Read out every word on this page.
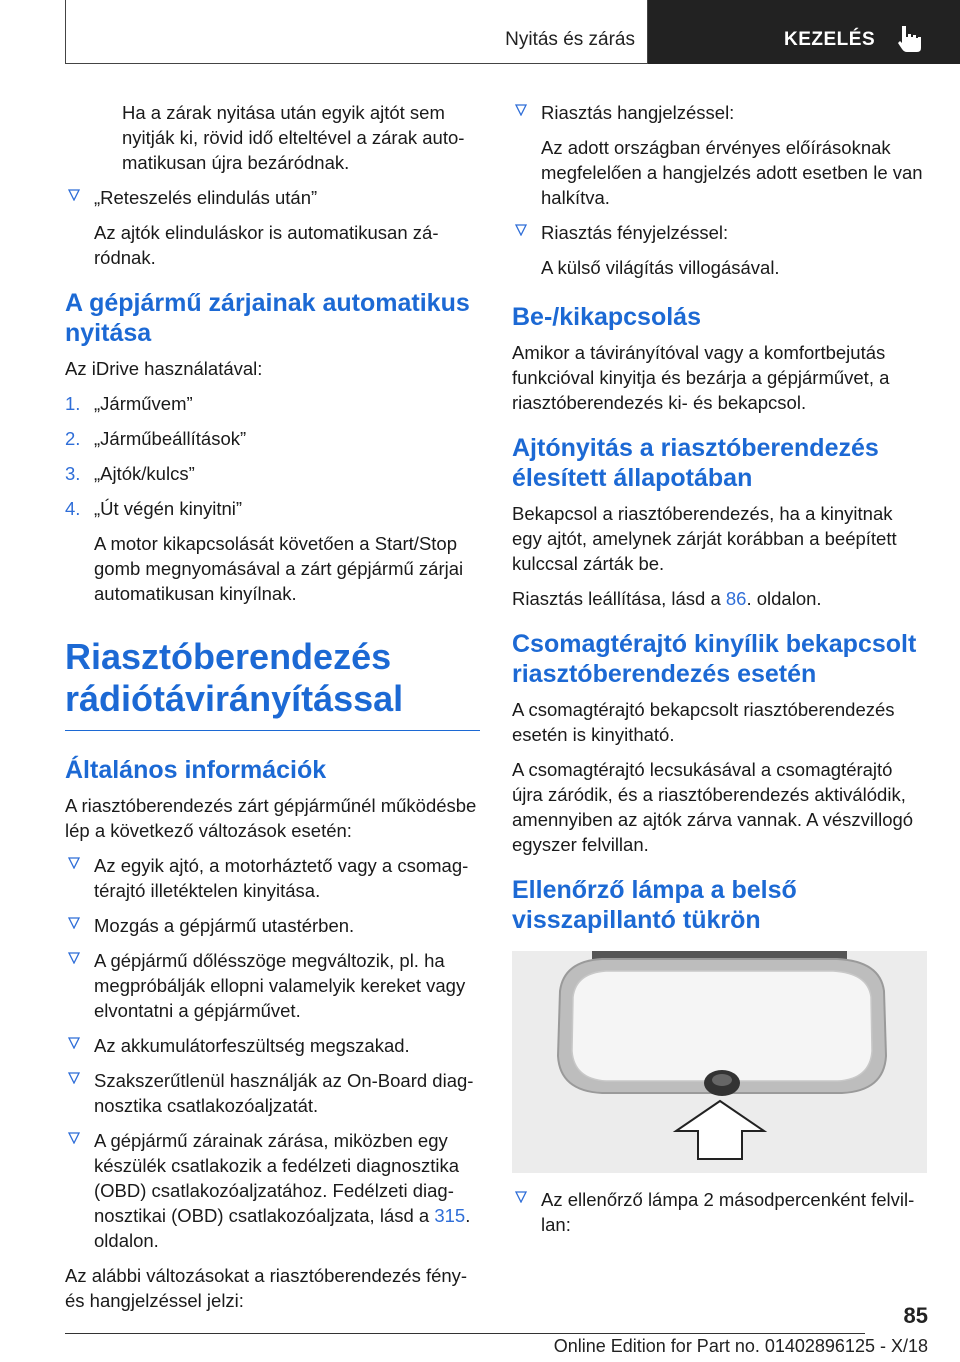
Nyitás és zárás	KEZELÉS

Ha a zárak nyitása után egyik ajtót sem nyitják ki, rövid idő elteltével a zárak automatikusan újra bezáródnak.

„Reteszelés elindulás után”
Az ajtók elinduláskor is automatikusan záródnak.
A gépjármű zárjainak automatikus nyitása

Az iDrive használatával:

1. „Járművem”
2. „Járműbeállítások”
3. „Ajtók/kulcs”
4. „Út végén kinyitni”
A motor kikapcsolását követően a Start/Stop gomb megnyomásával a zárt gépjármű zárjai automatikusan kinyílnak.
Riasztóberendezés rádiótávirányítással
Általános információk

A riasztóberendezés zárt gépjárműnél működésbe lép a következő változások esetén:

Az egyik ajtó, a motorháztető vagy a csomagtérajtó illetéktelen kinyitása.
Mozgás a gépjármű utastérben.
A gépjármű dőlésszöge megváltozik, pl. ha megpróbálják ellopni valamelyik kereket vagy elvontatni a gépjárművet.
Az akkumulátorfeszültség megszakad.
Szakszerűtlenül használják az On-Board diagnosztika csatlakozóaljzatát.
A gépjármű zárainak zárása, miközben egy készülék csatlakozik a fedélzeti diagnosztika (OBD) csatlakozóaljzatához. Fedélzeti diagnosztikai (OBD) csatlakozóaljzata, lásd a 315. oldalon.

Az alábbi változásokat a riasztóberendezés fény- és hangjelzéssel jelzi:

Riasztás hangjelzéssel:
Az adott országban érvényes előírásoknak megfelelően a hangjelzés adott esetben le van halkítva.
Riasztás fényjelzéssel:
A külső világítás villogásával.
Be-/kikapcsolás

Amikor a távirányítóval vagy a komfortbejutás funkcióval kinyitja és bezárja a gépjárművet, a riasztóberendezés ki- és bekapcsol.

Ajtónyitás a riasztóberendezés élesített állapotában

Bekapcsol a riasztóberendezés, ha a kinyitnak egy ajtót, amelynek zárját korábban a beépített kulccsal zárták be.

Riasztás leállítása, lásd a 86. oldalon.

Csomagtérajtó kinyílik bekapcsolt riasztóberendezés esetén

A csomagtérajtó bekapcsolt riasztóberendezés esetén is kinyitható.

A csomagtérajtó lecsukásával a csomagtérajtó újra záródik, és a riasztóberendezés aktiválódik, amennyiben az ajtók zárva vannak. A vészvillogó egyszer felvillan.

Ellenőrző lámpa a belső visszapillantó tükrön
Az ellenőrző lámpa 2 másodpercenként felvillan:
85
Online Edition for Part no. 01402896125 - X/18
